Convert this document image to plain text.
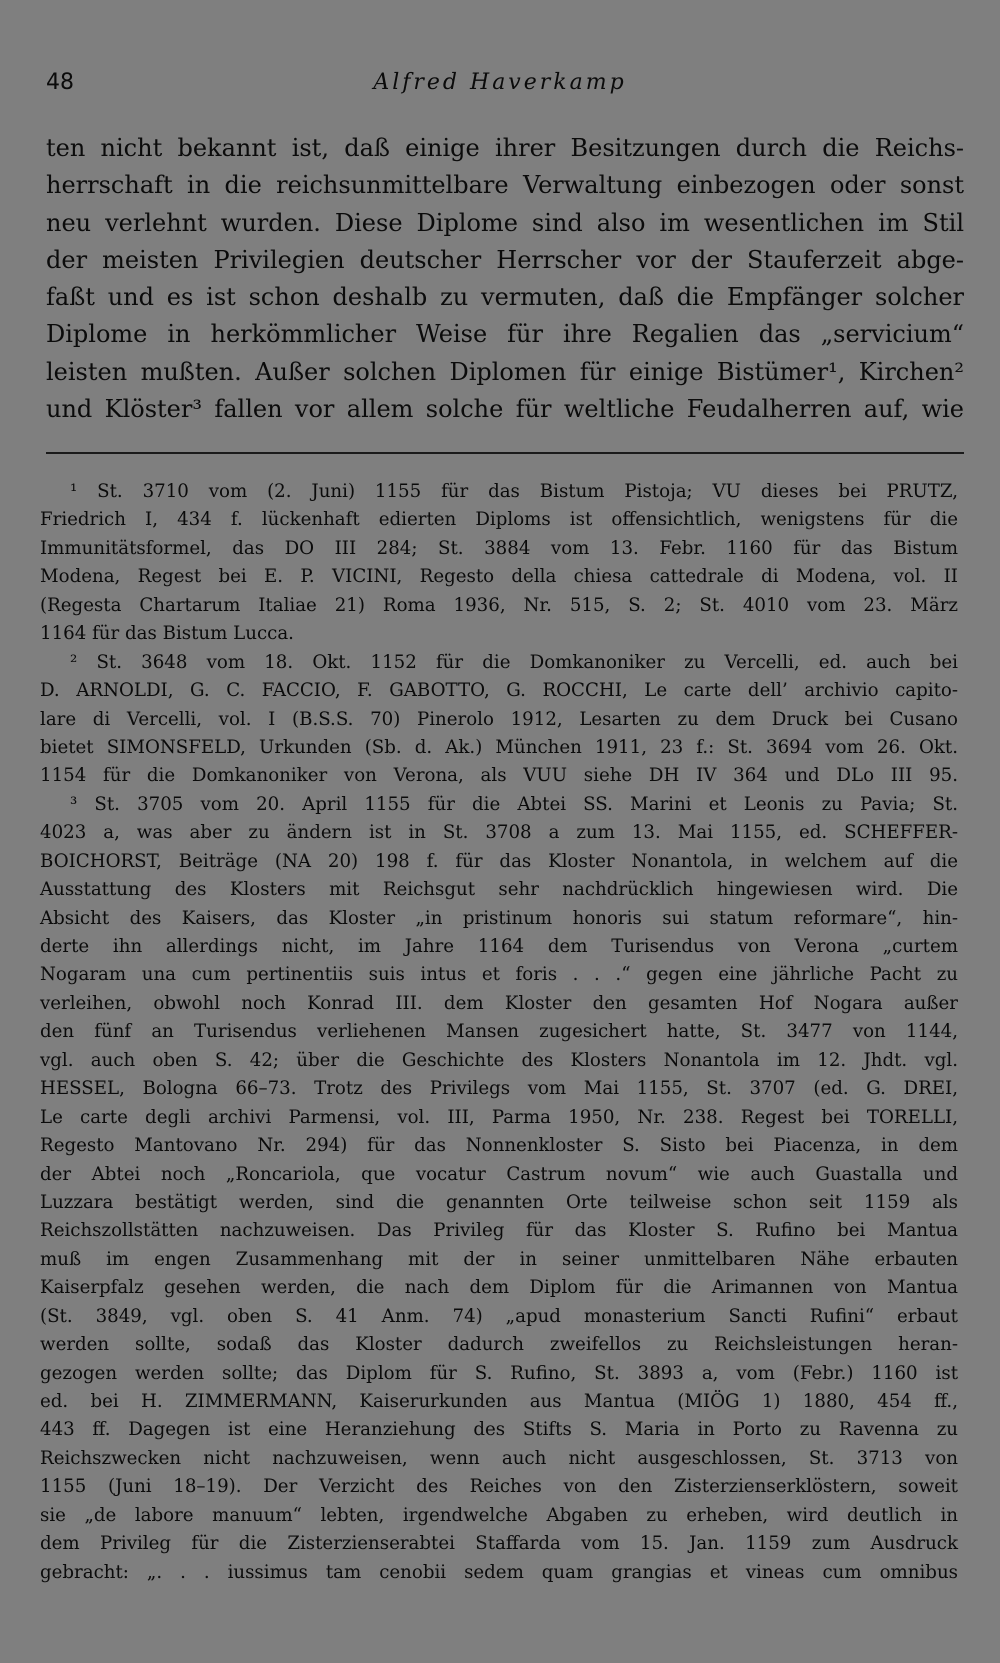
48	Alfred Haverkamp
ten nicht bekannt ist, daß einige ihrer Besitzungen durch die Reichs-
herrschaft in die reichsunmittelbare Verwaltung einbezogen oder sonst
neu verlehnt wurden. Diese Diplome sind also im wesentlichen im Stil
der meisten Privilegien deutscher Herrscher vor der Stauferzeit abge-
faßt und es ist schon deshalb zu vermuten, daß die Empfänger solcher
Diplome in herkömmlicher Weise für ihre Regalien das „servicium“
leisten mußten. Außer solchen Diplomen für einige Bistümer¹, Kirchen²
und Klöster³ fallen vor allem solche für weltliche Feudalherren auf, wie
¹ St. 3710 vom (2. Juni) 1155 für das Bistum Pistoja; VU dieses bei PRUTZ,
Friedrich I, 434 f. lückenhaft edierten Diploms ist offensichtlich, wenigstens für die
Immunitätsformel, das DO III 284; St. 3884 vom 13. Febr. 1160 für das Bistum
Modena, Regest bei E. P. VICINI, Regesto della chiesa cattedrale di Modena, vol. II
(Regesta Chartarum Italiae 21) Roma 1936, Nr. 515, S. 2; St. 4010 vom 23. März
1164 für das Bistum Lucca.
² St. 3648 vom 18. Okt. 1152 für die Domkanoniker zu Vercelli, ed. auch bei
D. ARNOLDI, G. C. FACCIO, F. GABOTTO, G. ROCCHI, Le carte dell’ archivio capito-
lare di Vercelli, vol. I (B.S.S. 70) Pinerolo 1912, Lesarten zu dem Druck bei Cusano
bietet SIMONSFELD, Urkunden (Sb. d. Ak.) München 1911, 23 f.: St. 3694 vom 26. Okt.
1154 für die Domkanoniker von Verona, als VUU siehe DH IV 364 und DLo III 95.
³ St. 3705 vom 20. April 1155 für die Abtei SS. Marini et Leonis zu Pavia; St.
4023 a, was aber zu ändern ist in St. 3708 a zum 13. Mai 1155, ed. SCHEFFER-
BOICHORST, Beiträge (NA 20) 198 f. für das Kloster Nonantola, in welchem auf die
Ausstattung des Klosters mit Reichsgut sehr nachdrücklich hingewiesen wird. Die
Absicht des Kaisers, das Kloster „in pristinum honoris sui statum reformare“, hin-
derte ihn allerdings nicht, im Jahre 1164 dem Turisendus von Verona „curtem
Nogaram una cum pertinentiis suis intus et foris . . .“ gegen eine jährliche Pacht zu
verleihen, obwohl noch Konrad III. dem Kloster den gesamten Hof Nogara außer
den fünf an Turisendus verliehenen Mansen zugesichert hatte, St. 3477 von 1144,
vgl. auch oben S. 42; über die Geschichte des Klosters Nonantola im 12. Jhdt. vgl.
HESSEL, Bologna 66–73. Trotz des Privilegs vom Mai 1155, St. 3707 (ed. G. DREI,
Le carte degli archivi Parmensi, vol. III, Parma 1950, Nr. 238. Regest bei TORELLI,
Regesto Mantovano Nr. 294) für das Nonnenkloster S. Sisto bei Piacenza, in dem
der Abtei noch „Roncariola, que vocatur Castrum novum“ wie auch Guastalla und
Luzzara bestätigt werden, sind die genannten Orte teilweise schon seit 1159 als
Reichszollstätten nachzuweisen. Das Privileg für das Kloster S. Rufino bei Mantua
muß im engen Zusammenhang mit der in seiner unmittelbaren Nähe erbauten
Kaiserpfalz gesehen werden, die nach dem Diplom für die Arimannen von Mantua
(St. 3849, vgl. oben S. 41 Anm. 74) „apud monasterium Sancti Rufini“ erbaut
werden sollte, sodaß das Kloster dadurch zweifellos zu Reichsleistungen heran-
gezogen werden sollte; das Diplom für S. Rufino, St. 3893 a, vom (Febr.) 1160 ist
ed. bei H. ZIMMERMANN, Kaiserurkunden aus Mantua (MIÖG 1) 1880, 454 ff.,
443 ff. Dagegen ist eine Heranziehung des Stifts S. Maria in Porto zu Ravenna zu
Reichszwecken nicht nachzuweisen, wenn auch nicht ausgeschlossen, St. 3713 von
1155 (Juni 18–19). Der Verzicht des Reiches von den Zisterzienserklöstern, soweit
sie „de labore manuum“ lebten, irgendwelche Abgaben zu erheben, wird deutlich in
dem Privileg für die Zisterzienserabtei Staffarda vom 15. Jan. 1159 zum Ausdruck
gebracht: „. . . iussimus tam cenobii sedem quam grangias et vineas cum omnibus
